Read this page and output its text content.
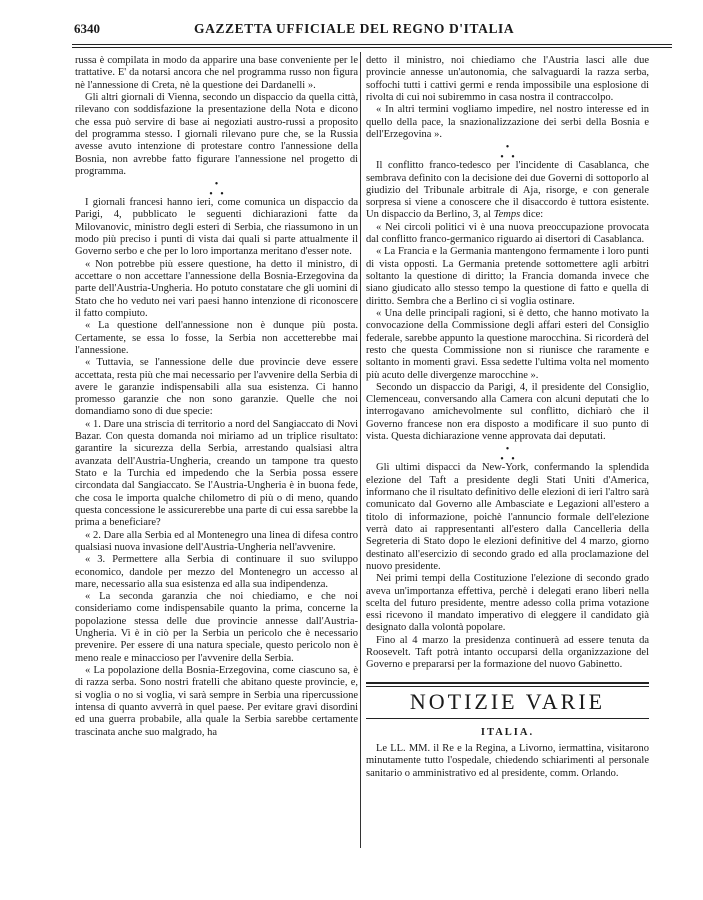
6340	GAZZETTA UFFICIALE DEL REGNO D'ITALIA

russa è compilata in modo da apparire una base conveniente per le trattative. E' da notarsi ancora che nel programma russo non figura nè l'annessione di Creta, nè la questione dei Dardanelli ».

Gli altri giornali di Vienna, secondo un dispaccio da quella città, rilevano con soddisfazione la presentazione della Nota e dicono che essa può servire di base ai negoziati austro-russi a proposito del programma stesso. I giornali rilevano pure che, se la Russia avesse avuto intenzione di protestare contro l'annessione della Bosnia, non avrebbe fatto figurare l'annessione nel progetto di programma.

•
•   •

I giornali francesi hanno ieri, come comunica un dispaccio da Parigi, 4, pubblicato le seguenti dichiarazioni fatte da Milovanovic, ministro degli esteri di Serbia, che riassumono in un modo più preciso i punti di vista dai quali si parte attualmente il Governo serbo e che per lo loro importanza meritano d'esser note.

« Non potrebbe più essere questione, ha detto il ministro, di accettare o non accettare l'annessione della Bosnia-Erzegovina da parte dell'Austria-Ungheria. Ho potuto constatare che gli uomini di Stato che ho veduto nei vari paesi hanno intenzione di riconoscere il fatto compiuto.

« La questione dell'annessione non è dunque più posta. Certamente, se essa lo fosse, la Serbia non accetterebbe mai l'annessione.

« Tuttavia, se l'annessione delle due provincie deve essere accettata, resta più che mai necessario per l'avvenire della Serbia di avere le garanzie indispensabili alla sua esistenza. Ci hanno promesso garanzie che non sono garanzie. Quelle che noi domandiamo sono di due specie:

« 1. Dare una striscia di territorio a nord del Sangiaccato di Novi Bazar. Con questa domanda noi miriamo ad un triplice risultato: garantire la sicurezza della Serbia, arrestando qualsiasi altra avanzata dell'Austria-Ungheria, creando un tampone tra questo Stato e la Turchia ed impedendo che la Serbia possa essere circondata dal Sangiaccato. Se l'Austria-Ungheria è in buona fede, che cosa le importa qualche chilometro di più o di meno, quando questa concessione le assicurerebbe una parte di cui essa sarebbe la prima a beneficiare?

« 2. Dare alla Serbia ed al Montenegro una linea di difesa contro qualsiasi nuova invasione dell'Austria-Ungheria nell'avvenire.

« 3. Permettere alla Serbia di continuare il suo sviluppo economico, dandole per mezzo del Montenegro un accesso al mare, necessario alla sua esistenza ed alla sua indipendenza.

« La seconda garanzia che noi chiediamo, e che noi consideriamo come indispensabile quanto la prima, concerne la popolazione stessa delle due provincie annesse dall'Austria-Ungheria. Vi è in ciò per la Serbia un pericolo che è necessario prevenire. Per essere di una natura speciale, questo pericolo non è meno reale e minaccioso per l'avvenire della Serbia.

« La popolazione della Bosnia-Erzegovina, come ciascuno sa, è di razza serba. Sono nostri fratelli che abitano queste provincie, e, si voglia o no si voglia, vi sarà sempre in Serbia una ripercussione intensa di quanto avverrà in quel paese. Per evitare gravi disordini ed una guerra probabile, alla quale la Serbia sarebbe certamente trascinata anche suo malgrado, ha

detto il ministro, noi chiediamo che l'Austria lasci alle due provincie annesse un'autonomia, che salvaguardi la razza serba, soffochi tutti i cattivi germi e renda impossibile una esplosione di rivolta di cui noi subiremmo in casa nostra il contraccolpo.

« In altri termini vogliamo impedire, nel nostro interesse ed in quello della pace, la snazionalizzazione dei serbi della Bosnia e dell'Erzegovina ».

•
•   •

Il conflitto franco-tedesco per l'incidente di Casablanca, che sembrava definito con la decisione dei due Governi di sottoporlo al giudizio del Tribunale arbitrale di Aja, risorge, e con generale sorpresa si viene a conoscere che il disaccordo è tuttora esistente. Un dispaccio da Berlino, 3, al Temps dice:

« Nei circoli politici vi è una nuova preoccupazione provocata dal conflitto franco-germanico riguardo ai disertori di Casablanca.

« La Francia e la Germania mantengono fermamente i loro punti di vista opposti. La Germania pretende sottomettere agli arbitri soltanto la questione di diritto; la Francia domanda invece che siano giudicato allo stesso tempo la questione di fatto e quella di diritto. Sembra che a Berlino ci si voglia ostinare.

« Una delle principali ragioni, si è detto, che hanno motivato la convocazione della Commissione degli affari esteri del Consiglio federale, sarebbe appunto la questione marocchina. Si ricorderà del resto che questa Commissione non si riunisce che raramente e soltanto in momenti gravi. Essa sedette l'ultima volta nel momento più acuto delle divergenze marocchine ».

Secondo un dispaccio da Parigi, 4, il presidente del Consiglio, Clemenceau, conversando alla Camera con alcuni deputati che lo interrogavano amichevolmente sul conflitto, dichiarò che il Governo francese non era disposto a modificare il suo punto di vista. Questa dichiarazione venne approvata dai deputati.

•
•   •

Gli ultimi dispacci da New-York, confermando la splendida elezione del Taft a presidente degli Stati Uniti d'America, informano che il risultato definitivo delle elezioni di ieri l'altro sarà comunicato dal Governo alle Ambasciate e Legazioni all'estero a titolo di informazione, poichè l'annuncio formale dell'elezione verrà dato ai rappresentanti all'estero dalla Cancelleria della Segreteria di Stato dopo le elezioni definitive del 4 marzo, giorno destinato all'esercizio di secondo grado ed alla proclamazione del nuovo presidente.

Nei primi tempi della Costituzione l'elezione di secondo grado aveva un'importanza effettiva, perchè i delegati erano liberi nella scelta del futuro presidente, mentre adesso colla prima votazione essi ricevono il mandato imperativo di eleggere il candidato già designato dalla volontà popolare.

Fino al 4 marzo la presidenza continuerà ad essere tenuta da Roosevelt. Taft potrà intanto occuparsi della organizzazione del Governo e prepararsi per la formazione del nuovo Gabinetto.

NOTIZIE VARIE
ITALIA.

Le LL. MM. il Re e la Regina, a Livorno, iermattina, visitarono minutamente tutto l'ospedale, chiedendo schiarimenti al personale sanitario o amministrativo ed al presidente, comm. Orlando.
